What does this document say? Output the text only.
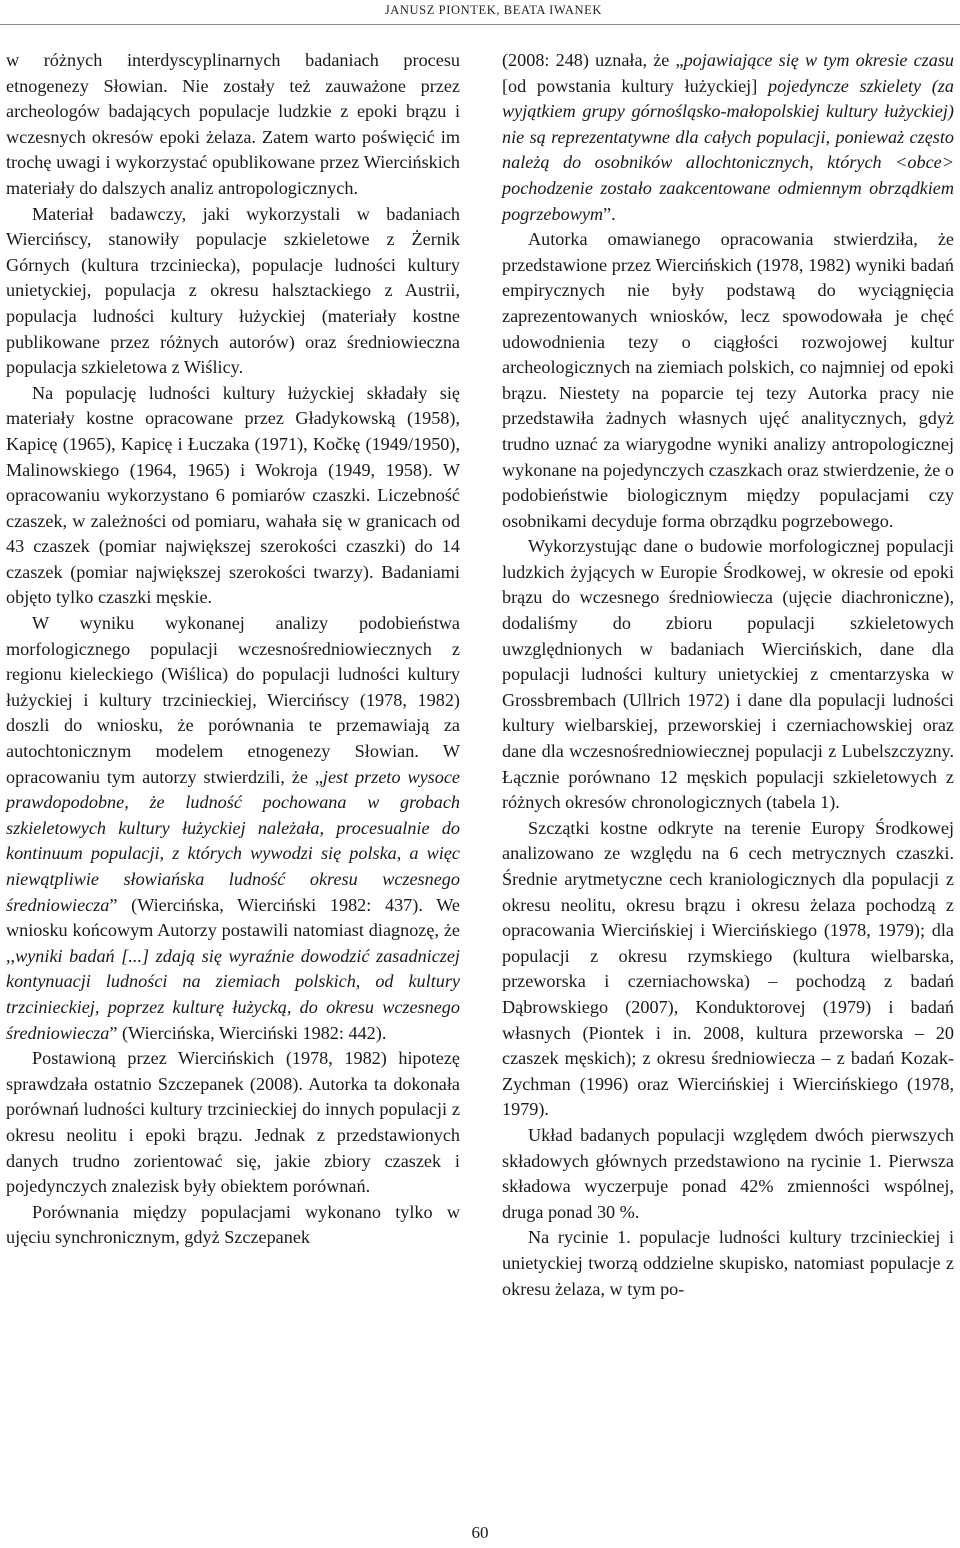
JANUSZ PIONTEK, BEATA IWANEK

w różnych interdyscyplinarnych badaniach procesu etnogenezy Słowian. Nie zostały też zauważone przez archeologów badających populacje ludzkie z epoki brązu i wczesnych okresów epoki żelaza. Zatem warto poświęcić im trochę uwagi i wykorzystać opublikowane przez Wiercińskich materiały do dalszych analiz antropologicznych.

Materiał badawczy, jaki wykorzystali w badaniach Wiercińscy, stanowiły populacje szkieletowe z Żernik Górnych (kultura trzciniecka), populacje ludności kultury unietyckiej, populacja z okresu halsztackiego z Austrii, populacja ludności kultury łużyckiej (materiały kostne publikowane przez różnych autorów) oraz średniowieczna populacja szkieletowa z Wiślicy.

Na populację ludności kultury łużyckiej składały się materiały kostne opracowane przez Gładykowską (1958), Kapicę (1965), Kapicę i Łuczaka (1971), Kočkę (1949/1950), Malinowskiego (1964, 1965) i Wokroja (1949, 1958). W opracowaniu wykorzystano 6 pomiarów czaszki. Liczebność czaszek, w zależności od pomiaru, wahała się w granicach od 43 czaszek (pomiar największej szerokości czaszki) do 14 czaszek (pomiar największej szerokości twarzy). Badaniami objęto tylko czaszki męskie.

W wyniku wykonanej analizy podobieństwa morfologicznego populacji wczesnośredniowiecznych z regionu kieleckiego (Wiślica) do populacji ludności kultury łużyckiej i kultury trzcinieckiej, Wiercińscy (1978, 1982) doszli do wniosku, że porównania te przemawiają za autochtonicznym modelem etnogenezy Słowian. W opracowaniu tym autorzy stwierdzili, że „jest przeto wysoce prawdopodobne, że ludność pochowana w grobach szkieletowych kultury łużyckiej należała, procesualnie do kontinuum populacji, z których wywodzi się polska, a więc niewątpliwie słowiańska ludność okresu wczesnego średniowiecza” (Wiercińska, Wierciński 1982: 437). We wniosku końcowym Autorzy postawili natomiast diagnozę, że ,,wyniki badań [...] zdają się wyraźnie dowodzić zasadniczej kontynuacji ludności na ziemiach polskich, od kultury trzcinieckiej, poprzez kulturę łużycką, do okresu wczesnego średniowiecza” (Wiercińska, Wierciński 1982: 442).

Postawioną przez Wiercińskich (1978, 1982) hipotezę sprawdzała ostatnio Szczepanek (2008). Autorka ta dokonała porównań ludności kultury trzcinieckiej do innych populacji z okresu neolitu i epoki brązu. Jednak z przedstawionych danych trudno zorientować się, jakie zbiory czaszek i pojedynczych znalezisk były obiektem porównań.

Porównania między populacjami wykonano tylko w ujęciu synchronicznym, gdyż Szczepanek

(2008: 248) uznała, że „pojawiające się w tym okresie czasu [od powstania kultury łużyckiej] pojedyncze szkielety (za wyjątkiem grupy górnośląsko-małopolskiej kultury łużyckiej) nie są reprezentatywne dla całych populacji, ponieważ często należą do osobników allochtonicznych, których <obce> pochodzenie zostało zaakcentowane odmiennym obrządkiem pogrzebowym”.

Autorka omawianego opracowania stwierdziła, że przedstawione przez Wiercińskich (1978, 1982) wyniki badań empirycznych nie były podstawą do wyciągnięcia zaprezentowanych wniosków, lecz spowodowała je chęć udowodnienia tezy o ciągłości rozwojowej kultur archeologicznych na ziemiach polskich, co najmniej od epoki brązu. Niestety na poparcie tej tezy Autorka pracy nie przedstawiła żadnych własnych ujęć analitycznych, gdyż trudno uznać za wiarygodne wyniki analizy antropologicznej wykonane na pojedynczych czaszkach oraz stwierdzenie, że o podobieństwie biologicznym między populacjami czy osobnikami decyduje forma obrządku pogrzebowego.

Wykorzystując dane o budowie morfologicznej populacji ludzkich żyjących w Europie Środkowej, w okresie od epoki brązu do wczesnego średniowiecza (ujęcie diachroniczne), dodaliśmy do zbioru populacji szkieletowych uwzględnionych w badaniach Wiercińskich, dane dla populacji ludności kultury unietyckiej z cmentarzyska w Grossbrembach (Ullrich 1972) i dane dla populacji ludności kultury wielbarskiej, przeworskiej i czerniachowskiej oraz dane dla wczesnośredniowiecznej populacji z Lubelszczyzny. Łącznie porównano 12 męskich populacji szkieletowych z różnych okresów chronologicznych (tabela 1).

Szczątki kostne odkryte na terenie Europy Środkowej analizowano ze względu na 6 cech metrycznych czaszki. Średnie arytmetyczne cech kraniologicznych dla populacji z okresu neolitu, okresu brązu i okresu żelaza pochodzą z opracowania Wiercińskiej i Wiercińskiego (1978, 1979); dla populacji z okresu rzymskiego (kultura wielbarska, przeworska i czerniachowska) – pochodzą z badań Dąbrowskiego (2007), Konduktorovej (1979) i badań własnych (Piontek i in. 2008, kultura przeworska – 20 czaszek męskich); z okresu średniowiecza – z badań Kozak-Zychman (1996) oraz Wiercińskiej i Wiercińskiego (1978, 1979).

Układ badanych populacji względem dwóch pierwszych składowych głównych przedstawiono na rycinie 1. Pierwsza składowa wyczerpuje ponad 42% zmienności wspólnej, druga ponad 30 %.

Na rycinie 1. populacje ludności kultury trzcinieckiej i unietyckiej tworzą oddzielne skupisko, natomiast populacje z okresu żelaza, w tym po-

60
